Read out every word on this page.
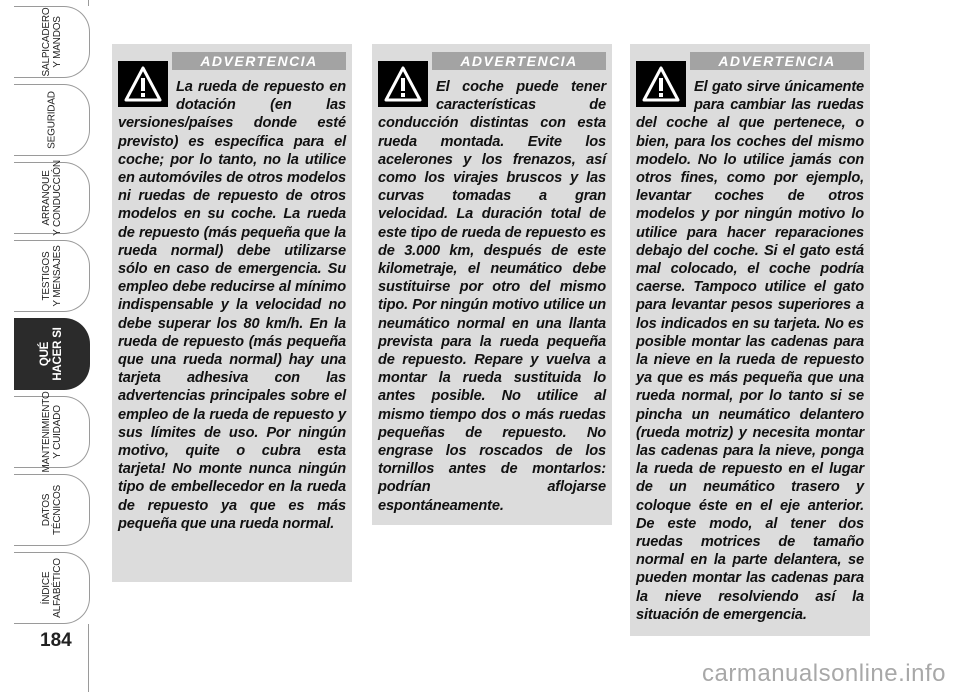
SALPICADERO
Y MANDOS
SEGURIDAD
ARRANQUE
Y CONDUCCIÓN
TESTIGOS
Y MENSAJES
QUÉ
HACER SI
MANTENIMIENTO
Y CUIDADO
DATOS
TÉCNICOS
ÍNDICE
ALFABÉTICO
184
ADVERTENCIA

La rueda de repuesto en dotación (en las versiones/países donde esté previsto) es específica para el coche; por lo tanto, no la utilice en automóviles de otros modelos ni ruedas de repuesto de otros modelos en su coche. La rueda de repuesto (más pequeña que la rueda normal) debe utilizarse sólo en caso de emergencia. Su empleo debe reducirse al mínimo indispensable y la velocidad no debe superar los 80 km/h. En la rueda de repuesto (más pequeña que una rueda normal) hay una tarjeta adhesiva con las advertencias principales sobre el empleo de la rueda de repuesto y sus límites de uso. Por ningún motivo, quite o cubra esta tarjeta! No monte nunca ningún tipo de embellecedor en la rueda de repuesto ya que es más pequeña que una rueda normal.

ADVERTENCIA

El coche puede tener características de conducción distintas con esta rueda montada. Evite los acelerones y los frenazos, así como los virajes bruscos y las curvas tomadas a gran velocidad. La duración total de este tipo de rueda de repuesto es de 3.000 km, después de este kilometraje, el neumático debe sustituirse por otro del mismo tipo. Por ningún motivo utilice un neumático normal en una llanta prevista para la rueda pequeña de repuesto. Repare y vuelva a montar la rueda sustituida lo antes posible. No utilice al mismo tiempo dos o más ruedas pequeñas de repuesto. No engrase los roscados de los tornillos antes de montarlos: podrían aflojarse espontáneamente.

ADVERTENCIA

El gato sirve únicamente para cambiar las ruedas del coche al que pertenece, o bien, para los coches del mismo modelo. No lo utilice jamás con otros fines, como por ejemplo, levantar coches de otros modelos y por ningún motivo lo utilice para hacer reparaciones debajo del coche. Si el gato está mal colocado, el coche podría caerse. Tampoco utilice el gato para levantar pesos superiores a los indicados en su tarjeta. No es posible montar las cadenas para la nieve en la rueda de repuesto ya que es más pequeña que una rueda normal, por lo tanto si se pincha un neumático delantero (rueda motriz) y necesita montar las cadenas para la nieve, ponga la rueda de repuesto en el lugar de un neumático trasero y coloque éste en el eje anterior. De este modo, al tener dos ruedas motrices de tamaño normal en la parte delantera, se pueden montar las cadenas para la nieve resolviendo así la situación de emergencia.

carmanualsonline.info
